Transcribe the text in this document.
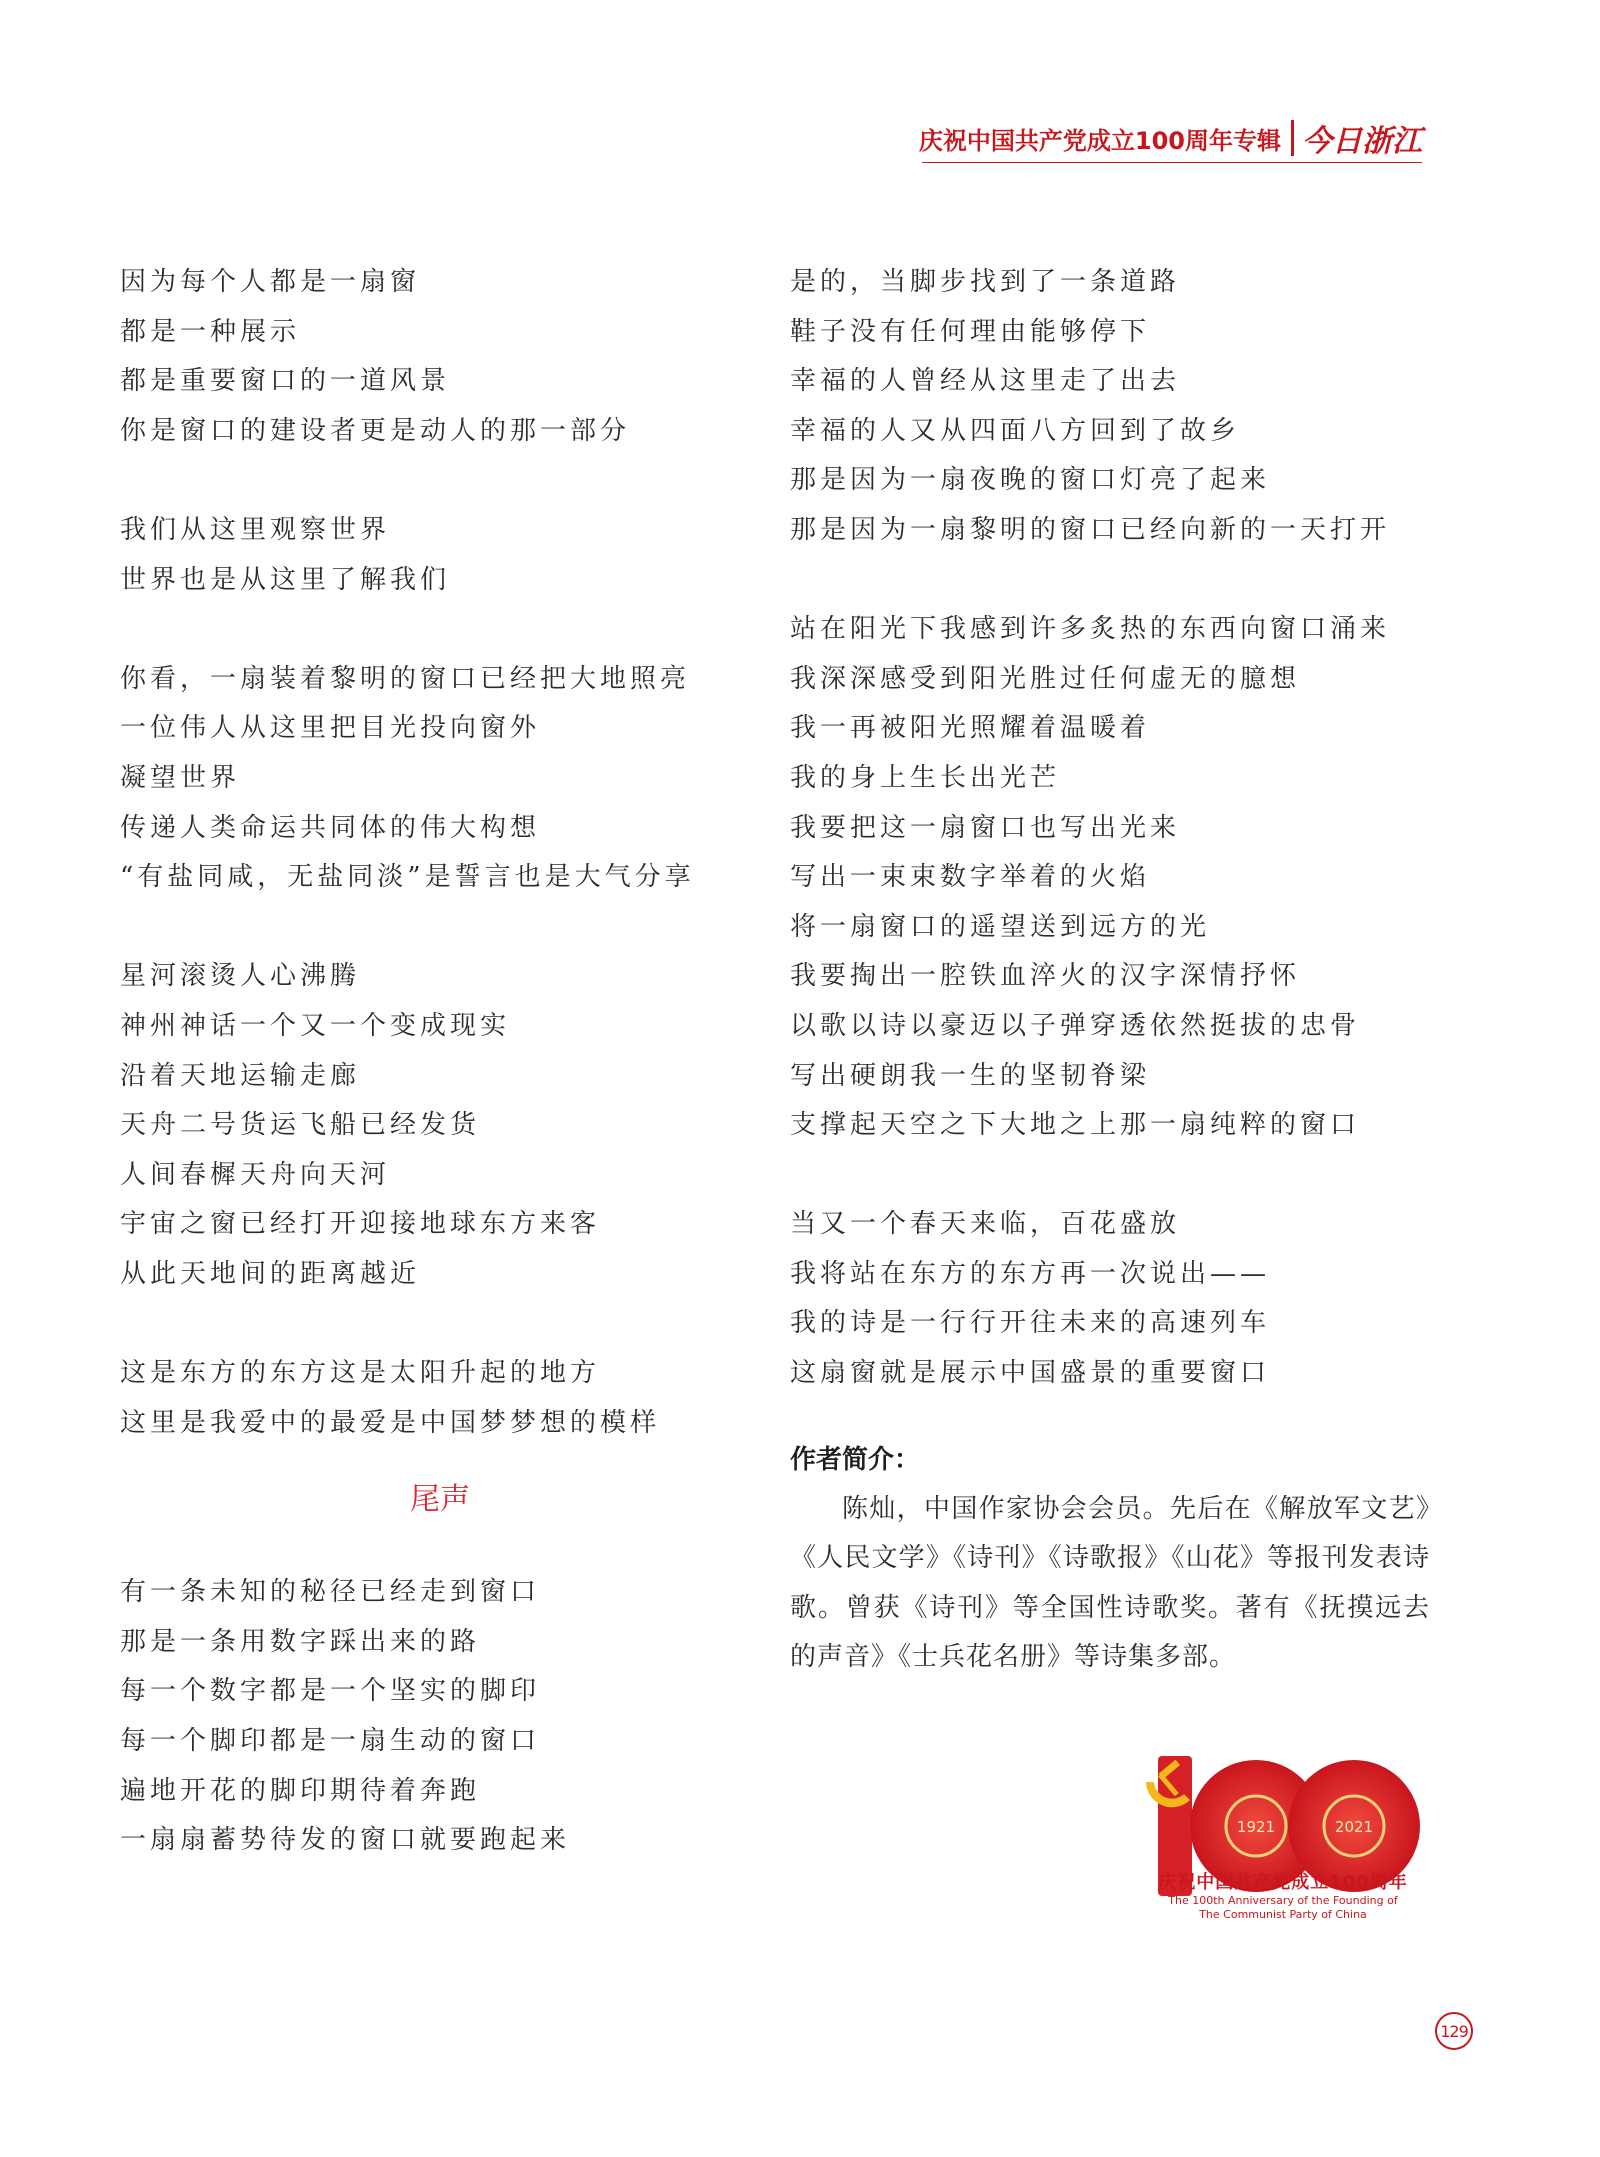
庆祝中国共产党成立100周年专辑 今日浙江
因为每个人都是一扇窗
都是一种展示
都是重要窗口的一道风景
你是窗口的建设者更是动人的那一部分
我们从这里观察世界
世界也是从这里了解我们
你看，一扇装着黎明的窗口已经把大地照亮
一位伟人从这里把目光投向窗外
凝望世界
传递人类命运共同体的伟大构想
“有盐同咸，无盐同淡”是誓言也是大气分享
星河滚烫人心沸腾
神州神话一个又一个变成现实
沿着天地运输走廊
天舟二号货运飞船已经发货
人间春樨天舟向天河
宇宙之窗已经打开迎接地球东方来客
从此天地间的距离越近
这是东方的东方这是太阳升起的地方
这里是我爱中的最爱是中国梦梦想的模样
尾声
有一条未知的秘径已经走到窗口
那是一条用数字踩出来的路
每一个数字都是一个坚实的脚印
每一个脚印都是一扇生动的窗口
遍地开花的脚印期待着奔跑
一扇扇蓄势待发的窗口就要跑起来
是的，当脚步找到了一条道路
鞋子没有任何理由能够停下
幸福的人曾经从这里走了出去
幸福的人又从四面八方回到了故乡
那是因为一扇夜晚的窗口灯亮了起来
那是因为一扇黎明的窗口已经向新的一天打开
站在阳光下我感到许多炙热的东西向窗口涌来
我深深感受到阳光胜过任何虚无的臆想
我一再被阳光照耀着温暖着
我的身上生长出光芒
我要把这一扇窗口也写出光来
写出一束束数字举着的火焰
将一扇窗口的遥望送到远方的光
我要掏出一腔铁血淬火的汉字深情抒怀
以歌以诗以豪迈以子弹穿透依然挺拔的忠骨
写出硬朗我一生的坚韧脊梁
支撑起天空之下大地之上那一扇纯粹的窗口
当又一个春天来临，百花盛放
我将站在东方的东方再一次说出——
我的诗是一行行开往未来的高速列车
这扇窗就是展示中国盛景的重要窗口
作者简介：
陈灿，中国作家协会会员。先后在《解放军文艺》《人民文学》《诗刊》《诗歌报》《山花》等报刊发表诗歌。曾获《诗刊》等全国性诗歌奖。著有《抚摸远去的声音》《士兵花名册》等诗集多部。
1921	2021
庆祝中国共产党成立100周年
The 100th Anniversary of the Founding of
The Communist Party of China
129
